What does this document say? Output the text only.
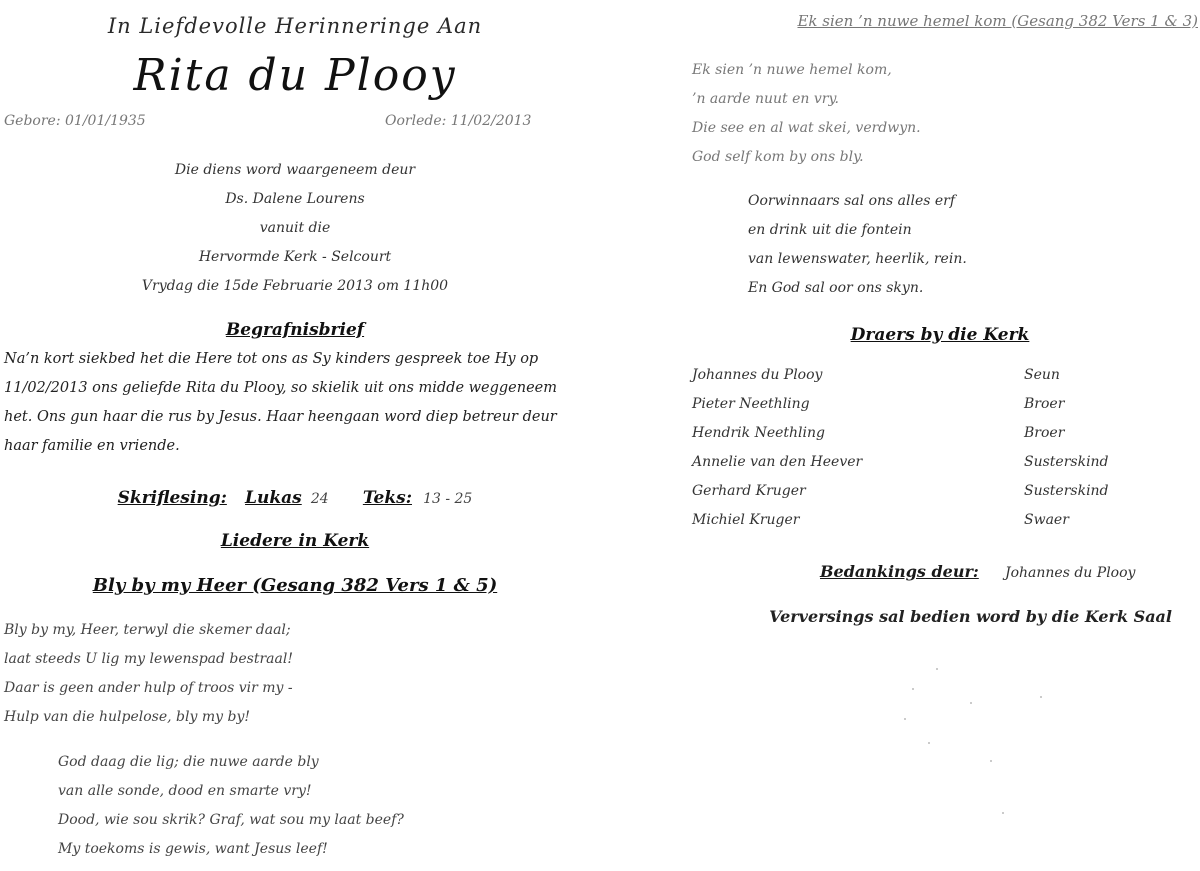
In Liefdevolle Herinneringe Aan
Rita du Plooy
Gebore: 01/01/1935	Oorlede: 11/02/2013
Die diens word waargeneem deur
Ds. Dalene Lourens
vanuit die
Hervormde Kerk - Selcourt
Vrydag die 15de Februarie 2013 om 11h00
Begrafnisbrief
Na’n kort siekbed het die Here tot ons as Sy kinders gespreek toe Hy op
11/02/2013 ons geliefde Rita du Plooy, so skielik uit ons midde weggeneem
het. Ons gun haar die rus by Jesus. Haar heengaan word diep betreur deur
haar familie en vriende.
Skriflesing: Lukas 24 Teks: 13 - 25
Liedere in Kerk
Bly by my Heer (Gesang 382 Vers 1 & 5)
Bly by my, Heer, terwyl die skemer daal;
laat steeds U lig my lewenspad bestraal!
Daar is geen ander hulp of troos vir my -
Hulp van die hulpelose, bly my by!
God daag die lig; die nuwe aarde bly
van alle sonde, dood en smarte vry!
Dood, wie sou skrik? Graf, wat sou my laat beef?
My toekoms is gewis, want Jesus leef!
Ek sien ’n nuwe hemel kom (Gesang 382 Vers 1 & 3)
Ek sien ’n nuwe hemel kom,
’n aarde nuut en vry.
Die see en al wat skei, verdwyn.
God self kom by ons bly.
Oorwinnaars sal ons alles erf
en drink uit die fontein
van lewenswater, heerlik, rein.
En God sal oor ons skyn.
Draers by die Kerk
Johannes du Plooy	Seun
Pieter Neethling	Broer
Hendrik Neethling	Broer
Annelie van den Heever	Susterskind
Gerhard Kruger	Susterskind
Michiel Kruger	Swaer
Bedankings deur: Johannes du Plooy
Verversings sal bedien word by die Kerk Saal
